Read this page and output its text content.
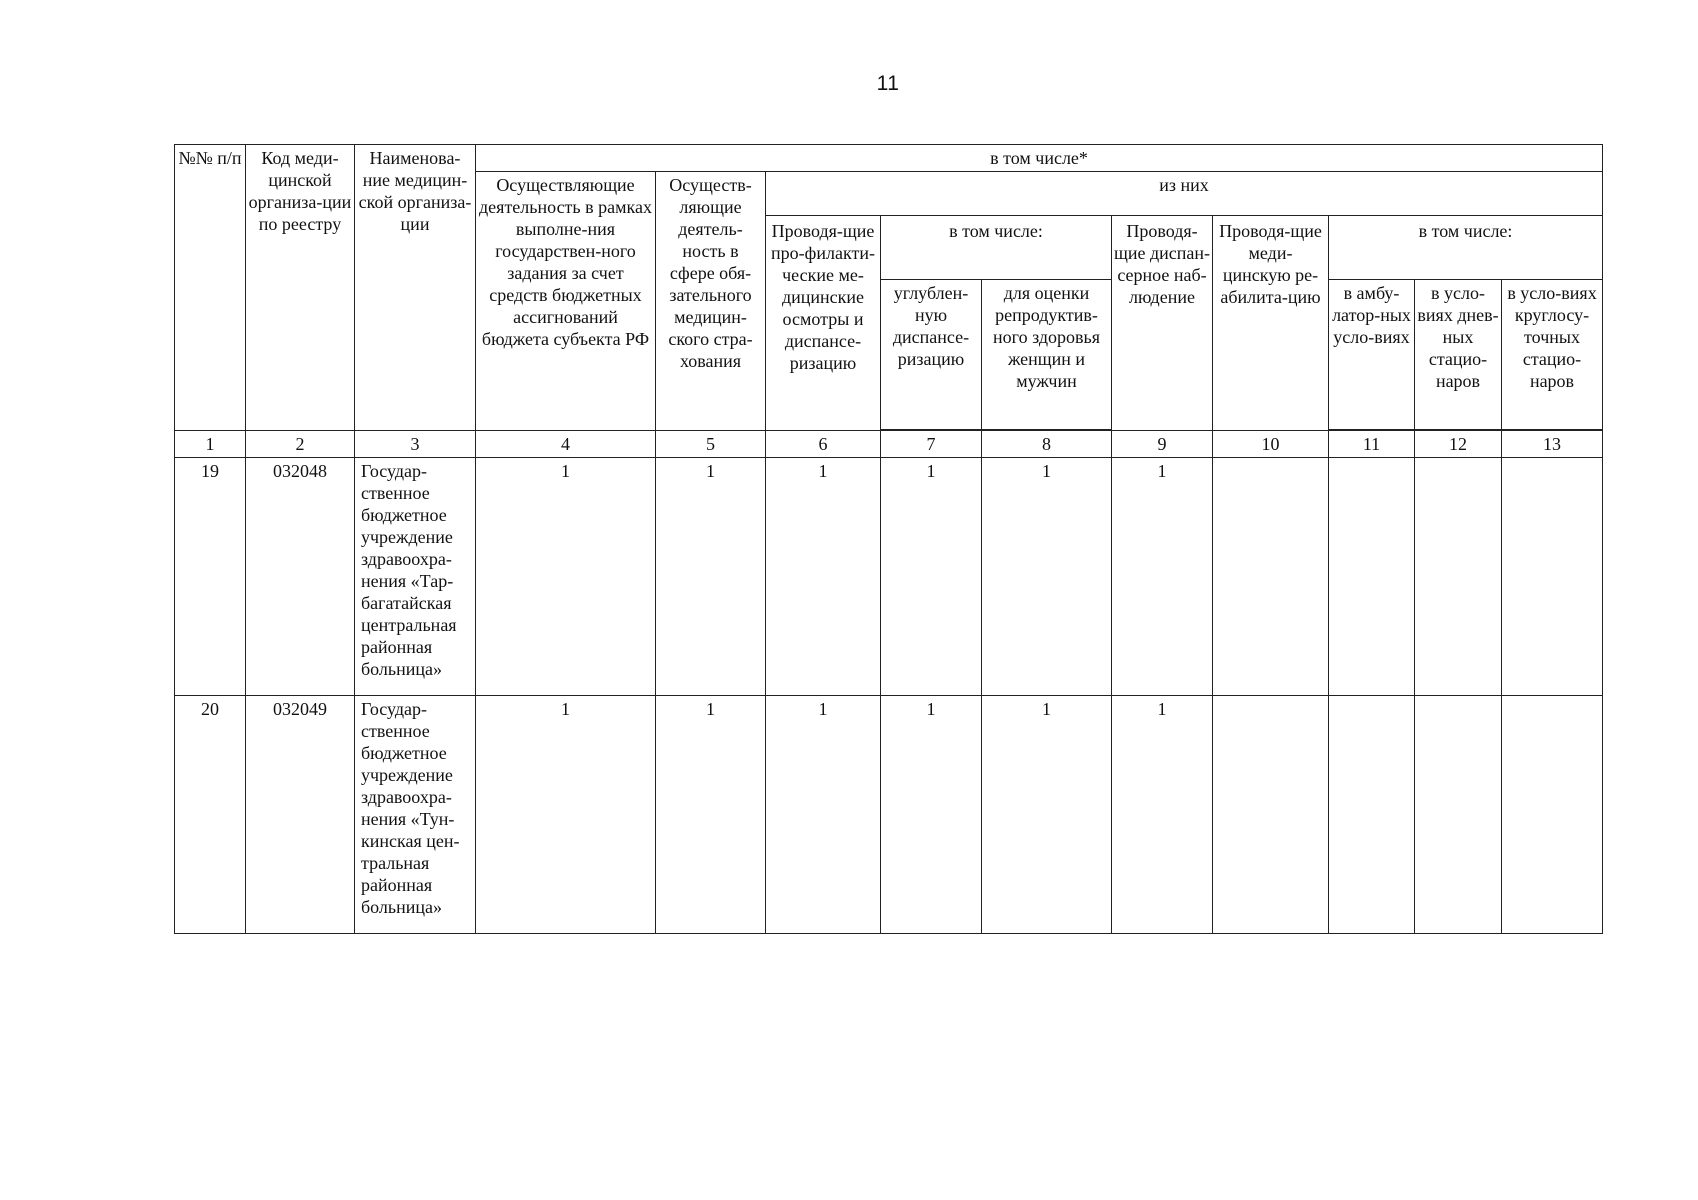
11
№№ п/п	Код меди-цинской организа-ции по реестру	Наименова-ние медицин-ской организа-ции	в том числе*									
			Осуществляющие деятельность в рамках выполне-ния государствен-ного задания за счет средств бюджетных ассигнований бюджета субъекта РФ	Осуществ-ляющие деятель-ность в сфере обя-зательного медицин-ского стра-хования	из них							
					Проводя-щие про-филакти-ческие ме-дицинские осмотры и диспансе-ризацию	в том числе:		Проводя-щие диспан-серное наб-людение	Проводя-щие меди-цинскую ре-абилита-цию	в том числе:		
						углублен-ную диспансе-ризацию	для оценки репродуктив-ного здоровья женщин и мужчин			в амбу-латор-ных усло-виях	в усло-виях днев-ных стацио-наров	в усло-виях круглосу-точных стацио-наров

1	2	3	4	5	6	7	8	9	10	11	12	13
19	032048	Государ-ственное бюджетное учреждение здравоохра-нения «Тар-багатайская центральная районная больница»	1	1	1	1	1	1				
20	032049	Государ-ственное бюджетное учреждение здравоохра-нения «Тун-кинская цен-тральная районная больница»	1	1	1	1	1	1				
